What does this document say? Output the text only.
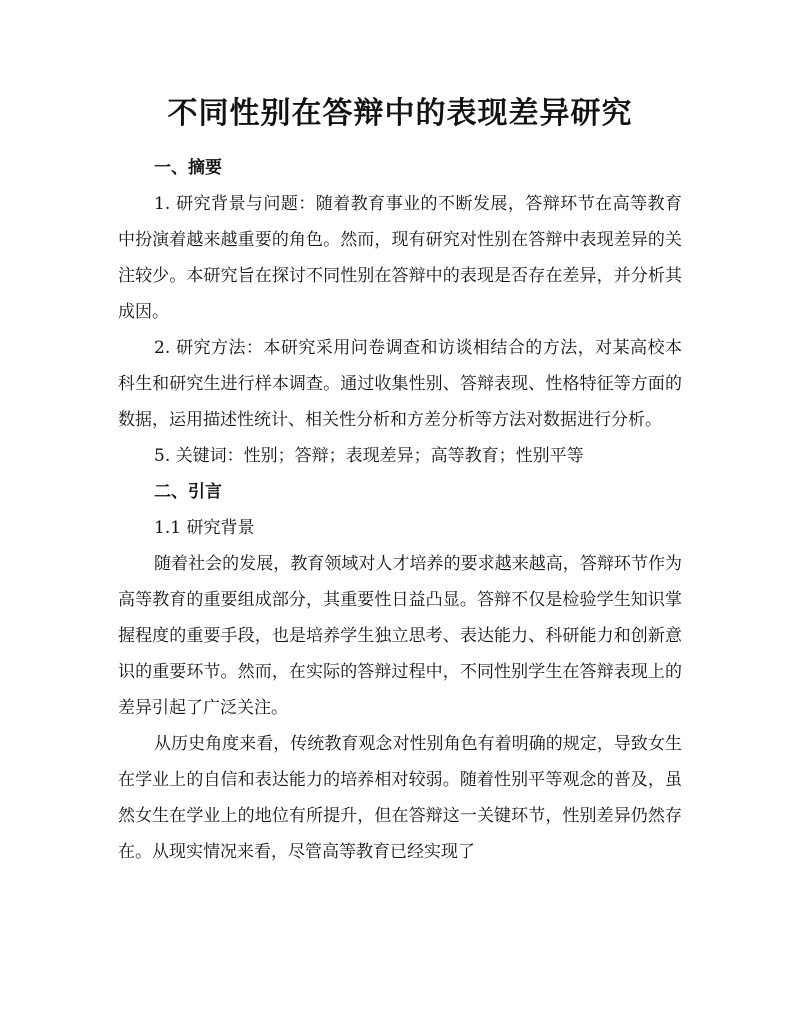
不同性别在答辩中的表现差异研究
一、摘要

1. 研究背景与问题：随着教育事业的不断发展，答辩环节在高等教育中扮演着越来越重要的角色。然而，现有研究对性别在答辩中表现差异的关注较少。本研究旨在探讨不同性别在答辩中的表现是否存在差异，并分析其成因。

2. 研究方法：本研究采用问卷调查和访谈相结合的方法，对某高校本科生和研究生进行样本调查。通过收集性别、答辩表现、性格特征等方面的数据，运用描述性统计、相关性分析和方差分析等方法对数据进行分析。

5. 关键词：性别；答辩；表现差异；高等教育；性别平等

二、引言
1.1 研究背景

随着社会的发展，教育领域对人才培养的要求越来越高，答辩环节作为高等教育的重要组成部分，其重要性日益凸显。答辩不仅是检验学生知识掌握程度的重要手段，也是培养学生独立思考、表达能力、科研能力和创新意识的重要环节。然而，在实际的答辩过程中，不同性别学生在答辩表现上的差异引起了广泛关注。

从历史角度来看，传统教育观念对性别角色有着明确的规定，导致女生在学业上的自信和表达能力的培养相对较弱。随着性别平等观念的普及，虽然女生在学业上的地位有所提升，但在答辩这一关键环节，性别差异仍然存在。从现实情况来看，尽管高等教育已经实现了
